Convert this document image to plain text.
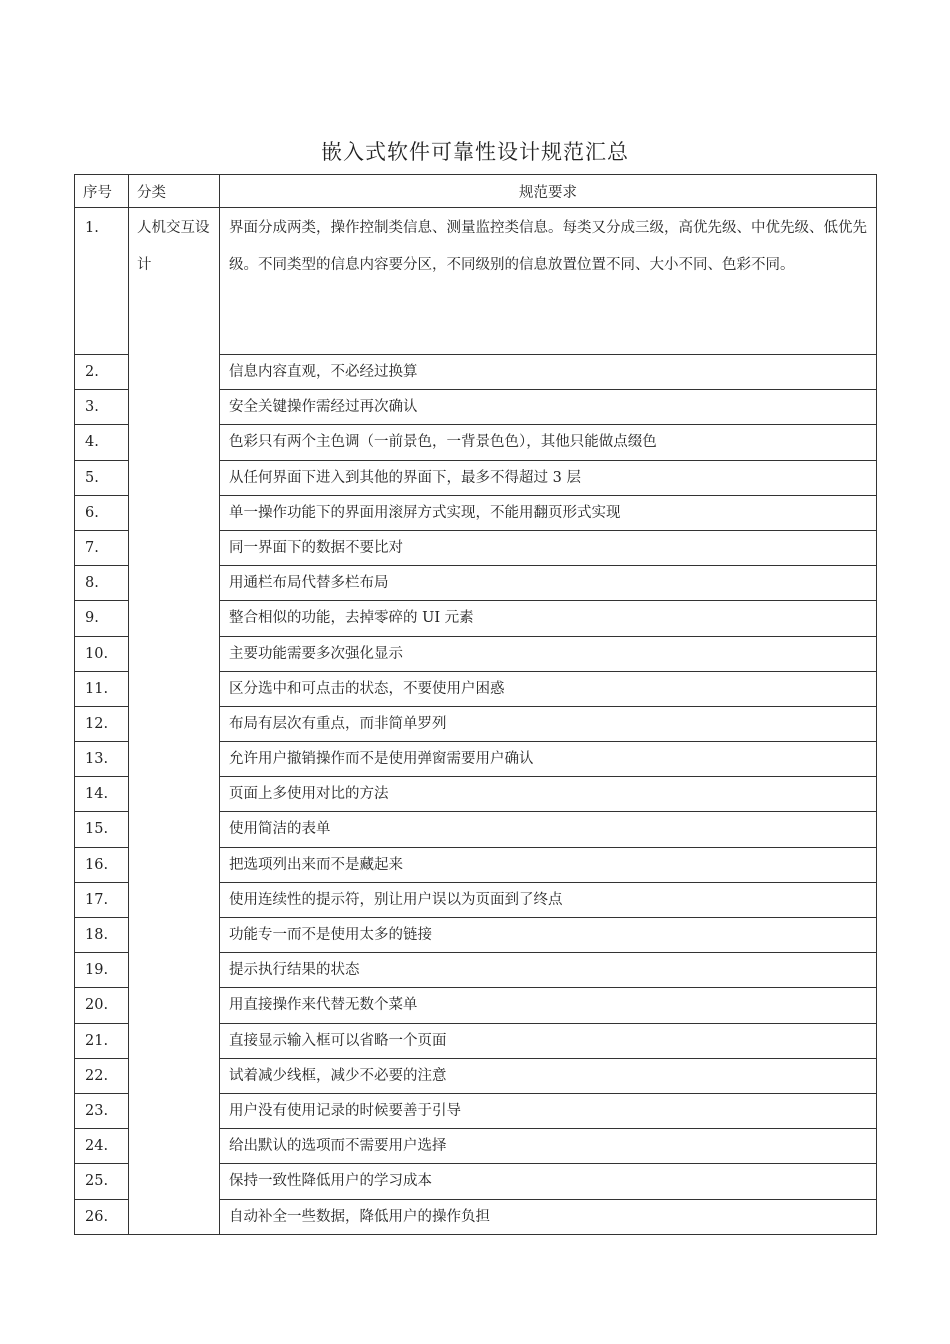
嵌入式软件可靠性设计规范汇总
序号	分类	规范要求
1.	人机交互设计	界面分成两类，操作控制类信息、测量监控类信息。每类又分成三级，高优先级、中优先级、低优先级。不同类型的信息内容要分区，不同级别的信息放置位置不同、大小不同、色彩不同。
2.		信息内容直观，不必经过换算
3.		安全关键操作需经过再次确认
4.		色彩只有两个主色调（一前景色，一背景色色），其他只能做点缀色
5.		从任何界面下进入到其他的界面下，最多不得超过 3 层
6.		单一操作功能下的界面用滚屏方式实现，不能用翻页形式实现
7.		同一界面下的数据不要比对
8.		用通栏布局代替多栏布局
9.		整合相似的功能，去掉零碎的 UI 元素
10.		主要功能需要多次强化显示
11.		区分选中和可点击的状态，不要使用户困惑
12.		布局有层次有重点，而非简单罗列
13.		允许用户撤销操作而不是使用弹窗需要用户确认
14.		页面上多使用对比的方法
15.		使用简洁的表单
16.		把选项列出来而不是藏起来
17.		使用连续性的提示符，别让用户误以为页面到了终点
18.		功能专一而不是使用太多的链接
19.		提示执行结果的状态
20.		用直接操作来代替无数个菜单
21.		直接显示输入框可以省略一个页面
22.		试着减少线框，减少不必要的注意
23.		用户没有使用记录的时候要善于引导
24.		给出默认的选项而不需要用户选择
25.		保持一致性降低用户的学习成本
26.		自动补全一些数据，降低用户的操作负担
